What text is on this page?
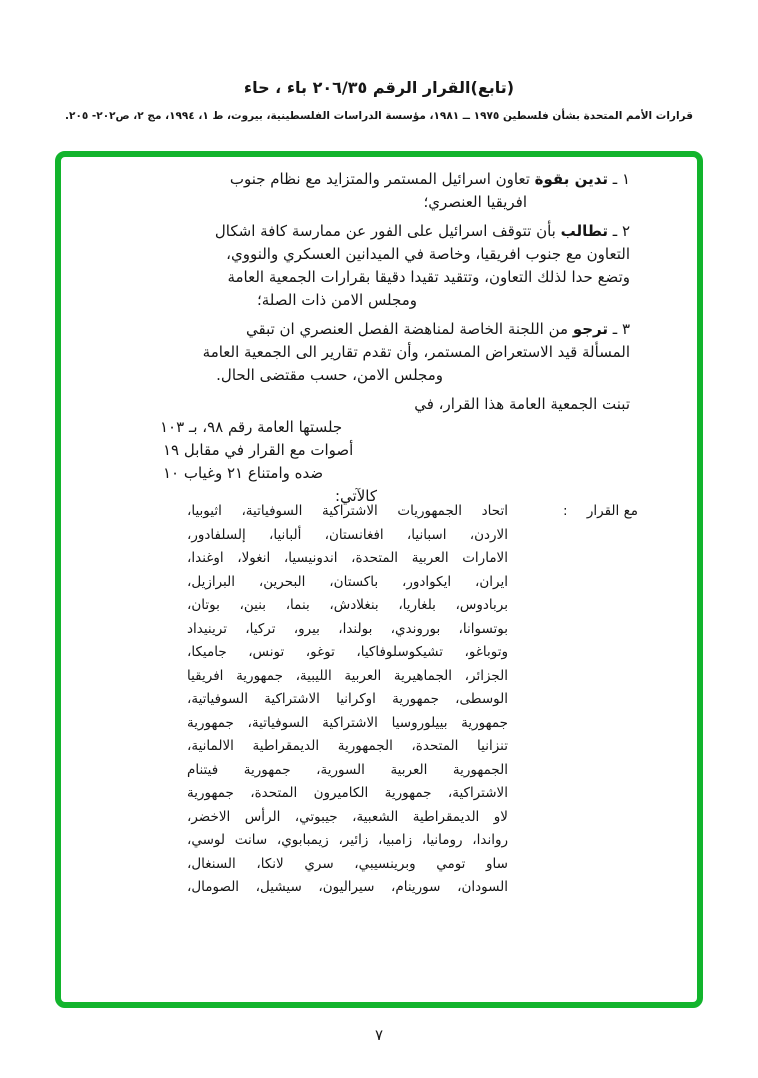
(تابع)القرار الرقم ٢٠٦/٣٥ باء ، حاء
قرارات الأمم المتحدة بشأن فلسطين ١٩٧٥ ــ ١٩٨١، مؤسسة الدراسات الفلسطينية، بيروت، ط ١، ١٩٩٤، مج ٢، ص٢٠٢- ٢٠٥.
١ ـ تدين بقوة تعاون اسرائيل المستمر والمتزايد مع نظام جنوب
افريقيا العنصري؛
٢ ـ تطالب بأن تتوقف اسرائيل على الفور عن ممارسة كافة اشكال
التعاون مع جنوب افريقيا، وخاصة في الميدانين العسكري والنووي،
وتضع حدا لذلك التعاون، وتتقيد تقيدا دقيقا بقرارات الجمعية العامة
ومجلس الامن ذات الصلة؛
٣ ـ ترجو من اللجنة الخاصة لمناهضة الفصل العنصري ان تبقي
المسألة قيد الاستعراض المستمر، وأن تقدم تقارير الى الجمعية العامة
ومجلس الامن، حسب مقتضى الحال.
تبنت الجمعية العامة هذا القرار، في
جلستها العامة رقم ٩٨، بـ ١٠٣
أصوات مع القرار في مقابل ١٩
ضده وامتناع ٢١ وغياب ١٠
كالآتي:
مع القرار
:
اتحاد الجمهوريات الاشتراكية السوفياتية، اثيوبيا،
الاردن، اسبانيا، افغانستان، ألبانيا، إلسلفادور،
الامارات العربية المتحدة، اندونيسيا، انغولا، اوغندا،
ايران، ايكوادور، باكستان، البحرين، البرازيل،
بربادوس، بلغاريا، بنغلادش، بنما، بنين، بوتان،
بوتسوانا، بوروندي، بولندا، بيرو، تركيا، ترينيداد
وتوباغو، تشيكوسلوفاكيا، توغو، تونس، جاميكا،
الجزائر، الجماهيرية العربية الليبية، جمهورية افريقيا
الوسطى، جمهورية اوكرانيا الاشتراكية السوفياتية،
جمهورية بييلوروسيا الاشتراكية السوفياتية، جمهورية
تنزانيا المتحدة، الجمهورية الديمقراطية الالمانية،
الجمهورية العربية السورية، جمهورية فيتنام
الاشتراكية، جمهورية الكاميرون المتحدة، جمهورية
لاو الديمقراطية الشعبية، جيبوتي، الرأس الاخضر،
رواندا، رومانيا، زامبيا، زائير، زيمبابوي، سانت لوسي،
ساو تومي وبرينسيبي، سري لانكا، السنغال،
السودان، سورينام، سيراليون، سيشيل، الصومال،
٧
